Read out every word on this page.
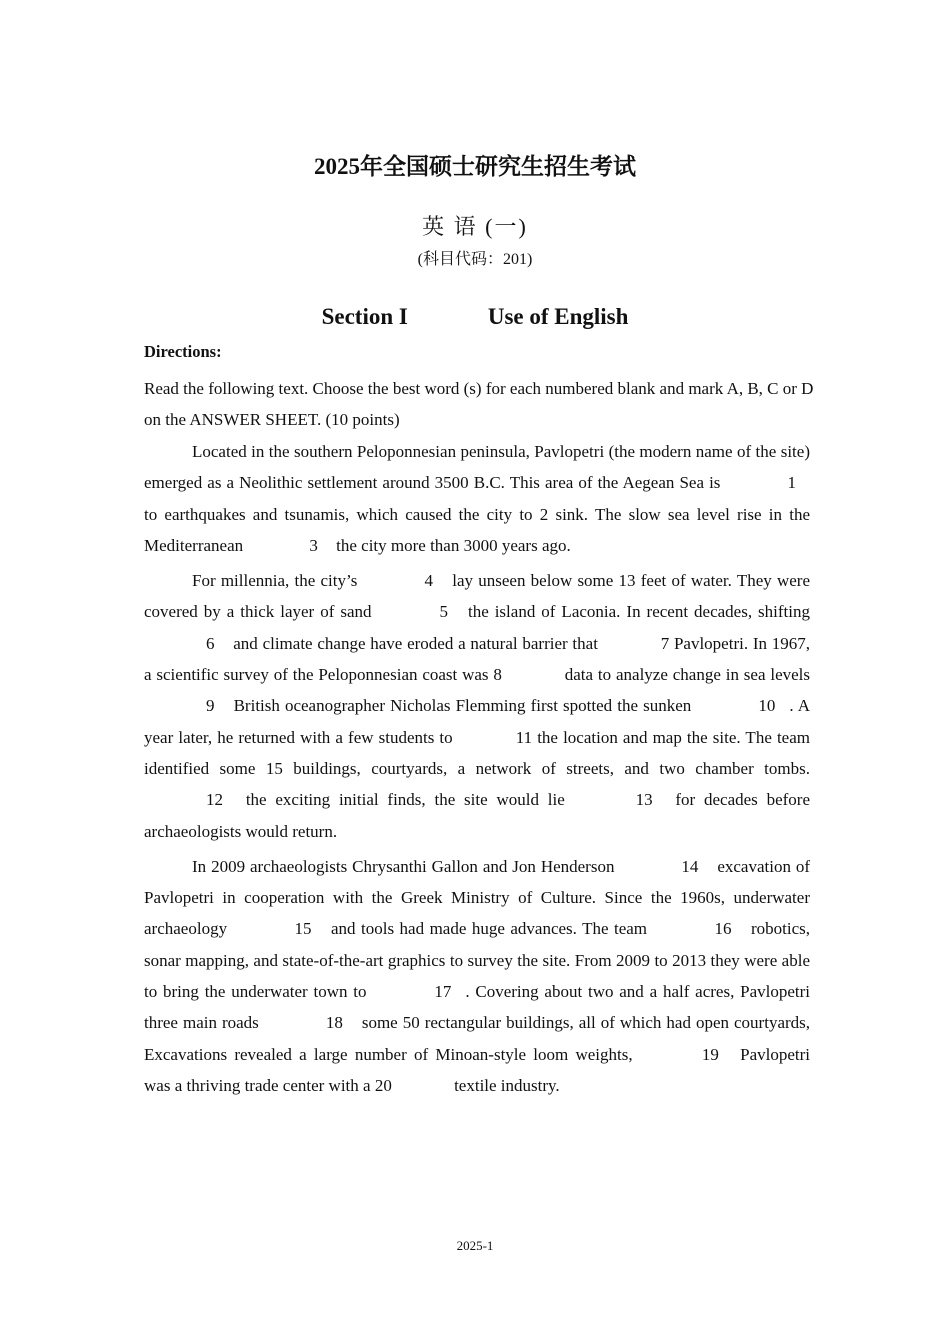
2025年全国硕士研究生招生考试
英 语 (一)
(科目代码：201)
Section I	Use of English
Directions:
Read the following text. Choose the best word (s) for each numbered blank and mark A, B, C or D on the ANSWER SHEET. (10 points)

Located in the southern Peloponnesian peninsula, Pavlopetri (the modern name of the site) emerged as a Neolithic settlement around 3500 B.C. This area of the Aegean Sea is	1 to earthquakes and tsunamis, which caused the city to 2 sink. The slow sea level rise in the Mediterranean	3 the city more than 3000 years ago.

For millennia, the city’s	4 lay unseen below some 13 feet of water. They were covered by a thick layer of sand	5 the island of Laconia. In recent decades, shifting 6 and climate change have eroded a natural barrier that	7 Pavlopetri. In 1967, a scientific survey of the Peloponnesian coast was 8	data to analyze change in sea levels 9 British oceanographer Nicholas Flemming first spotted the sunken	10 . A year later, he returned with a few students to	11 the location and map the site. The team identified some 15 buildings, courtyards, a network of streets, and two chamber tombs. 12 the exciting initial finds, the site would lie	13 for decades before archaeologists would return.

In 2009 archaeologists Chrysanthi Gallon and Jon Henderson	14 excavation of Pavlopetri in cooperation with the Greek Ministry of Culture. Since the 1960s, underwater archaeology	15 and tools had made huge advances. The team	16 robotics, sonar mapping, and state-of-the-art graphics to survey the site. From 2009 to 2013 they were able to bring the underwater town to	17 . Covering about two and a half acres, Pavlopetri three main roads	18 some 50 rectangular buildings, all of which had open courtyards, Excavations revealed a large number of Minoan-style loom weights,	19 Pavlopetri was a thriving trade center with a 20	textile industry.

2025-1
